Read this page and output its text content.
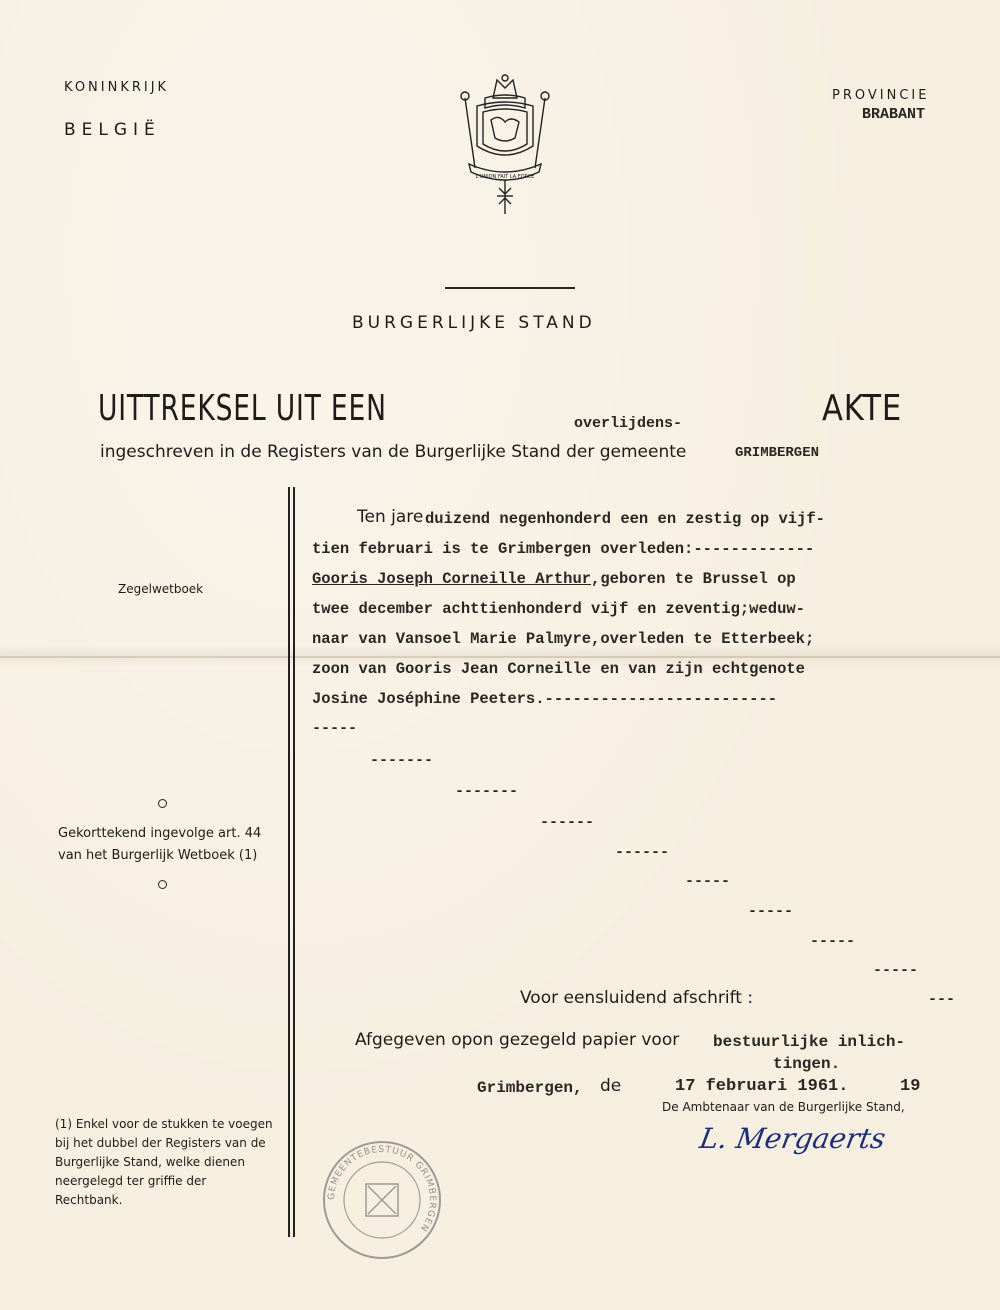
KONINKRIJK
BELGIË
PROVINCIE
BRABANT
L'UNION FAIT LA FORCE
BURGERLIJKE STAND
UITTREKSEL UIT EEN	overlijdens-	AKTE
ingeschreven in de Registers van de Burgerlijke Stand der gemeente	GRIMBERGEN
Zegelwetboek
Gekorttekend ingevolge art. 44
van het Burgerlijk Wetboek (1)
(1) Enkel voor de stukken te voegen bij het dubbel der Registers van de Burgerlijke Stand, welke dienen neergelegd ter griffie der Rechtbank.
Ten jare duizend negenhonderd een en zestig op vijf-
tien februari is te Grimbergen overleden:-------------
Gooris Joseph Corneille Arthur,geboren te Brussel op
twee december achttienhonderd vijf en zeventig;weduw-
naar van Vansoel Marie Palmyre,overleden te Etterbeek;
zoon van Gooris Jean Corneille en van zijn echtgenote
Josine Joséphine Peeters.-------------------------
-----
-------
-------
------
------
-----
-----
-----
-----
---
Voor eensluidend afschrift :
Afgegeven opon gezegeld papier voor bestuurlijke inlich-
tingen.
Grimbergen, de	17 februari 1961.	19
De Ambtenaar van de Burgerlijke Stand,
L. Mergaerts
GEMEENTEBESTUUR GRIMBERGEN
